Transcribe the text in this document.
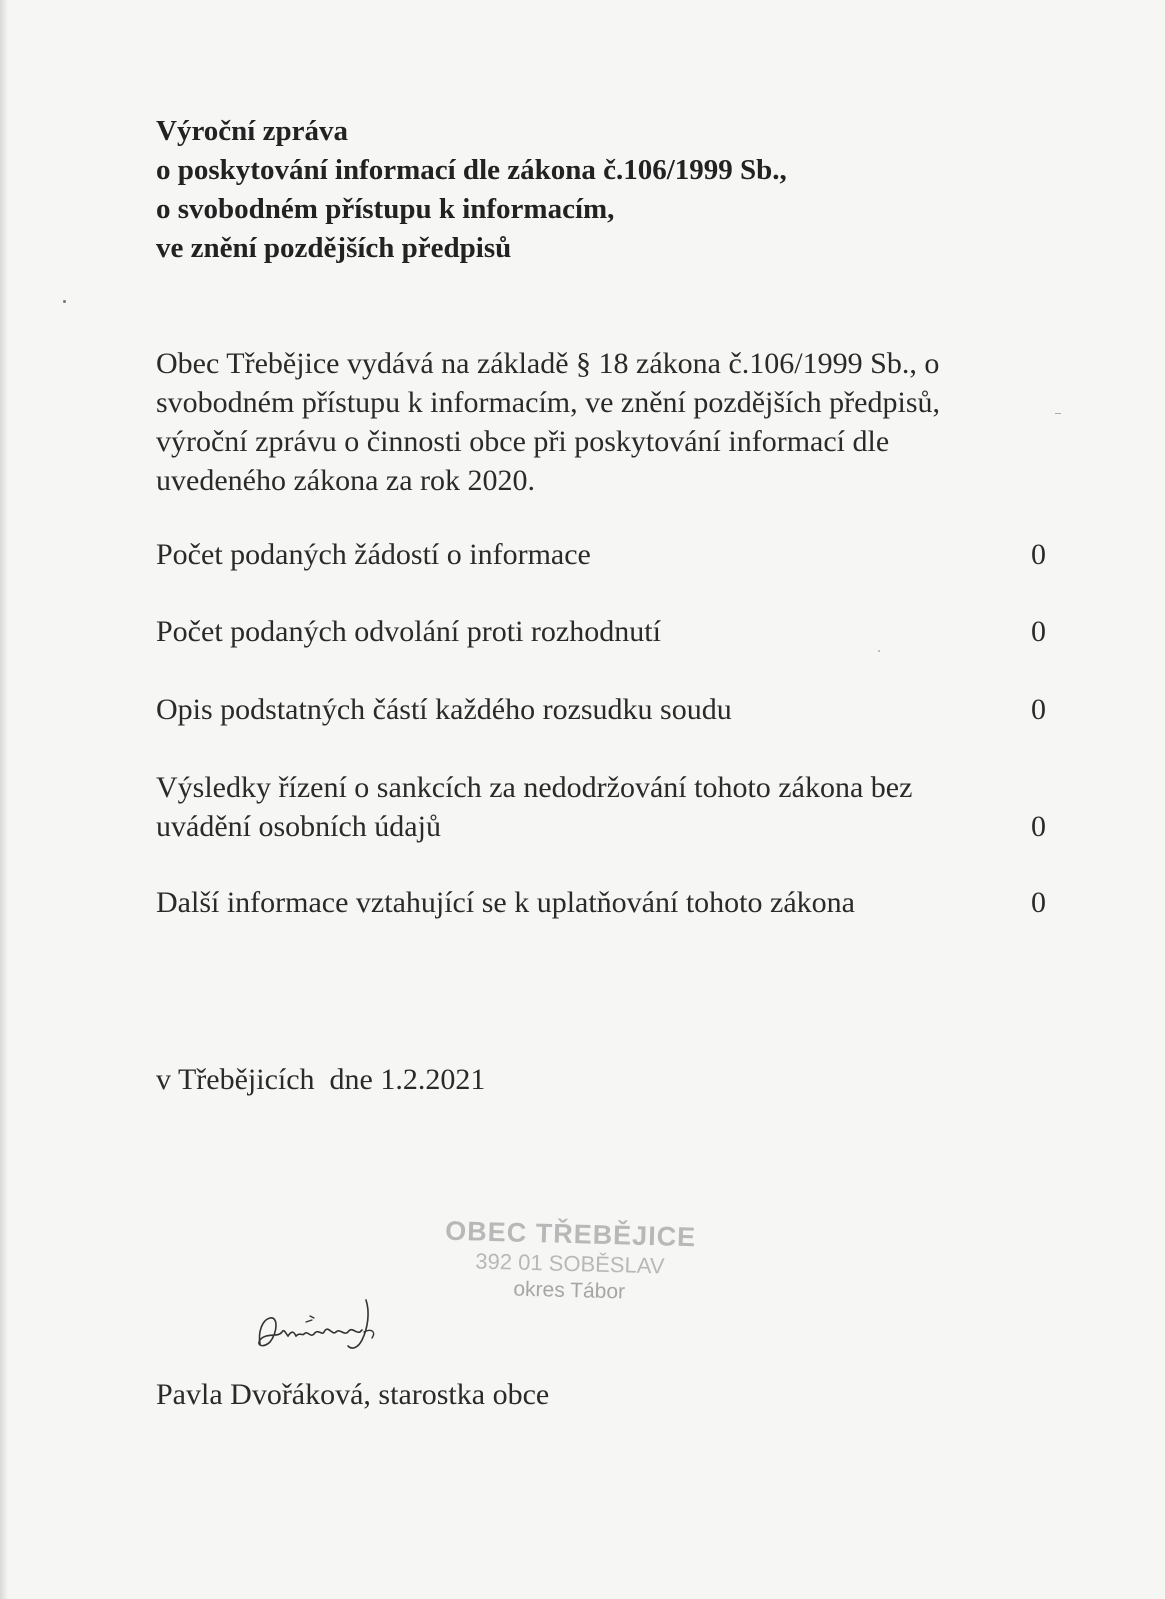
Výroční zpráva
o poskytování informací dle zákona č.106/1999 Sb.,
o svobodném přístupu k informacím,
ve znění pozdějších předpisů
Obec Třebějice vydává na základě § 18 zákona č.106/1999 Sb., o
svobodném přístupu k informacím, ve znění pozdějších předpisů,
výroční zprávu o činnosti obce při poskytování informací dle
uvedeného zákona za rok 2020.
Počet podaných žádostí o informace	0
Počet podaných odvolání proti rozhodnutí	0
Opis podstatných částí každého rozsudku soudu	0
Výsledky řízení o sankcích za nedodržování tohoto zákona bez
uvádění osobních údajů	0
Další informace vztahující se k uplatňování tohoto zákona	0
v Třebějicích  dne 1.2.2021
OBEC TŘEBĚJICE
392 01 SOBĚSLAV
okres Tábor
Pavla Dvořáková, starostka obce
